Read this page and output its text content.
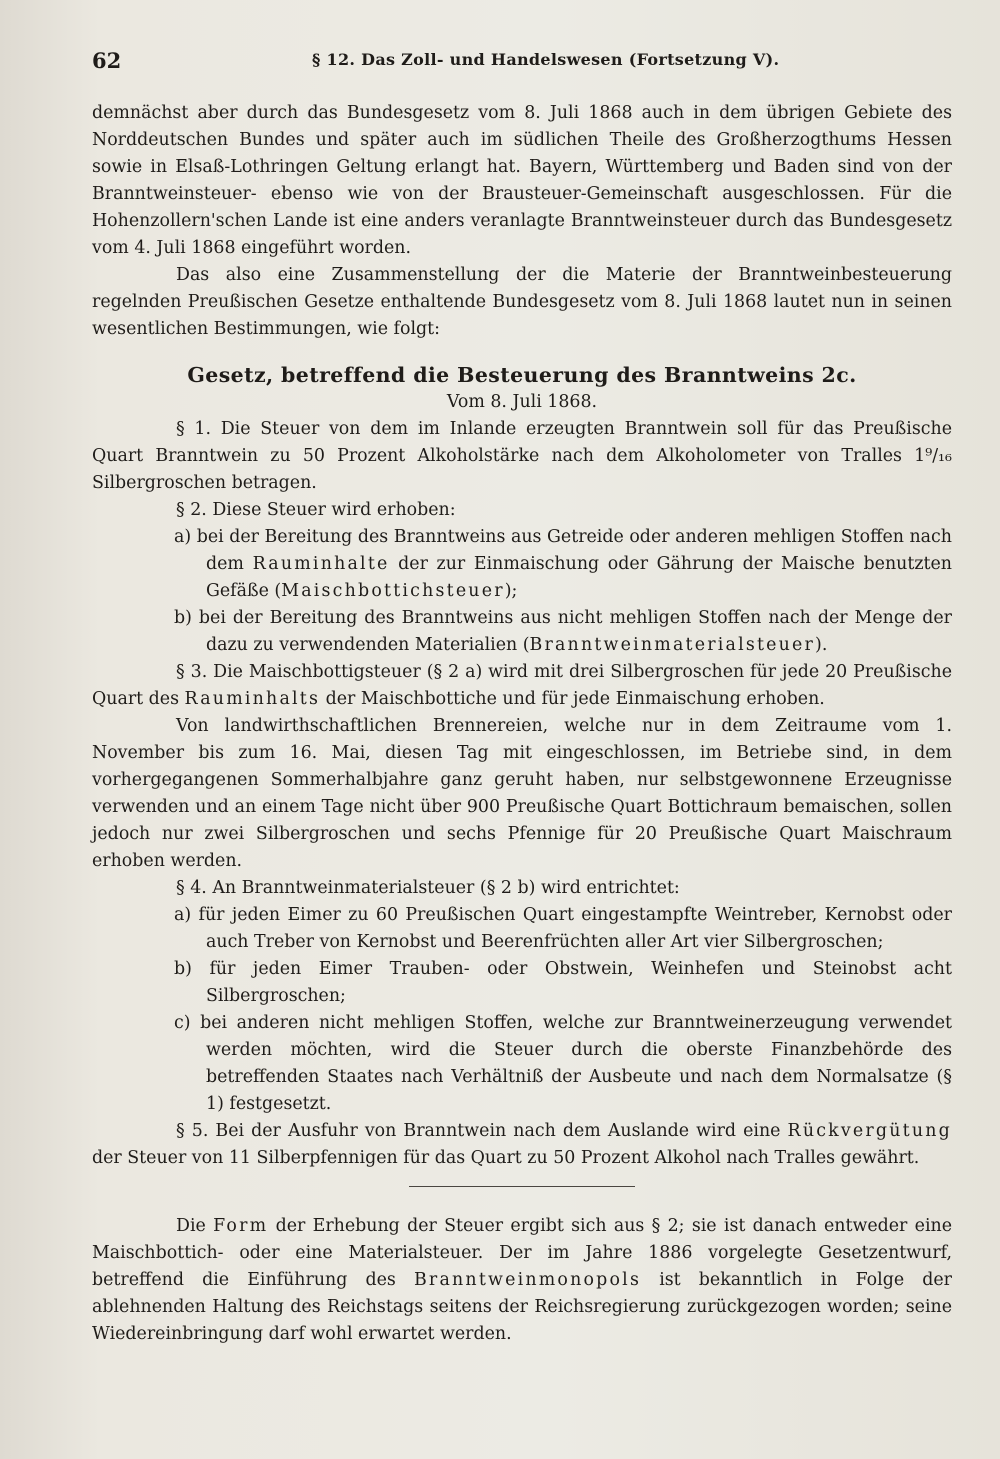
62	§ 12. Das Zoll- und Handelswesen (Fortsetzung V).

demnächst aber durch das Bundesgesetz vom 8. Juli 1868 auch in dem übrigen Gebiete des Norddeutschen Bundes und später auch im südlichen Theile des Großherzogthums Hessen sowie in Elsaß-Lothringen Geltung erlangt hat. Bayern, Württemberg und Baden sind von der Branntweinsteuer- ebenso wie von der Brausteuer-Gemeinschaft ausgeschlossen. Für die Hohenzollern'schen Lande ist eine anders veranlagte Branntweinsteuer durch das Bundesgesetz vom 4. Juli 1868 eingeführt worden.

Das also eine Zusammenstellung der die Materie der Branntweinbesteuerung regelnden Preußischen Gesetze enthaltende Bundesgesetz vom 8. Juli 1868 lautet nun in seinen wesentlichen Bestimmungen, wie folgt:

Gesetz, betreffend die Besteuerung des Branntweins 2c.
Vom 8. Juli 1868.

§ 1. Die Steuer von dem im Inlande erzeugten Branntwein soll für das Preußische Quart Branntwein zu 50 Prozent Alkoholstärke nach dem Alkoholometer von Tralles 1⁹/₁₆ Silbergroschen betragen.

§ 2. Diese Steuer wird erhoben:

a) bei der Bereitung des Branntweins aus Getreide oder anderen mehligen Stoffen nach dem Rauminhalte der zur Einmaischung oder Gährung der Maische benutzten Gefäße (Maischbottichsteuer);

b) bei der Bereitung des Branntweins aus nicht mehligen Stoffen nach der Menge der dazu zu verwendenden Materialien (Branntweinmaterialsteuer).

§ 3. Die Maischbottigsteuer (§ 2 a) wird mit drei Silbergroschen für jede 20 Preußische Quart des Rauminhalts der Maischbottiche und für jede Einmaischung erhoben.

Von landwirthschaftlichen Brennereien, welche nur in dem Zeitraume vom 1. November bis zum 16. Mai, diesen Tag mit eingeschlossen, im Betriebe sind, in dem vorhergegangenen Sommerhalbjahre ganz geruht haben, nur selbstgewonnene Erzeugnisse verwenden und an einem Tage nicht über 900 Preußische Quart Bottichraum bemaischen, sollen jedoch nur zwei Silbergroschen und sechs Pfennige für 20 Preußische Quart Maischraum erhoben werden.

§ 4. An Branntweinmaterialsteuer (§ 2 b) wird entrichtet:

a) für jeden Eimer zu 60 Preußischen Quart eingestampfte Weintreber, Kernobst oder auch Treber von Kernobst und Beerenfrüchten aller Art vier Silbergroschen;

b) für jeden Eimer Trauben- oder Obstwein, Weinhefen und Steinobst acht Silbergroschen;

c) bei anderen nicht mehligen Stoffen, welche zur Branntweinerzeugung verwendet werden möchten, wird die Steuer durch die oberste Finanzbehörde des betreffenden Staates nach Verhältniß der Ausbeute und nach dem Normalsatze (§ 1) festgesetzt.

§ 5. Bei der Ausfuhr von Branntwein nach dem Auslande wird eine Rückvergütung der Steuer von 11 Silberpfennigen für das Quart zu 50 Prozent Alkohol nach Tralles gewährt.

Die Form der Erhebung der Steuer ergibt sich aus § 2; sie ist danach entweder eine Maischbottich- oder eine Materialsteuer. Der im Jahre 1886 vorgelegte Gesetzentwurf, betreffend die Einführung des Branntweinmonopols ist bekanntlich in Folge der ablehnenden Haltung des Reichstags seitens der Reichsregierung zurückgezogen worden; seine Wiedereinbringung darf wohl erwartet werden.
